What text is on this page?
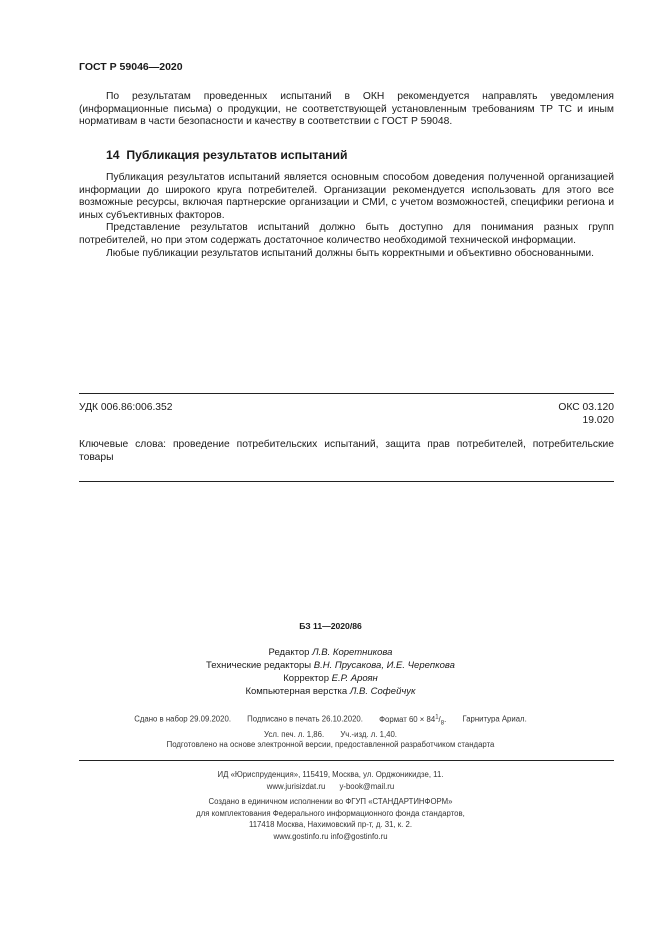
ГОСТ Р 59046—2020

По результатам проведенных испытаний в ОКН рекомендуется направлять уведомления (информационные письма) о продукции, не соответствующей установленным требованиям ТР ТС и иным нормативам в части безопасности и качеству в соответствии с ГОСТ Р 59048.

14 Публикация результатов испытаний

Публикация результатов испытаний является основным способом доведения полученной организацией информации до широкого круга потребителей. Организации рекомендуется использовать для этого все возможные ресурсы, включая партнерские организации и СМИ, с учетом возможностей, специфики региона и иных субъективных факторов.

Представление результатов испытаний должно быть доступно для понимания разных групп потребителей, но при этом содержать достаточное количество необходимой технической информации.

Любые публикации результатов испытаний должны быть корректными и объективно обоснованными.

УДК 006.86:006.352	ОКС 03.120
19.020
Ключевые слова: проведение потребительских испытаний, защита прав потребителей, потребительские товары
БЗ 11—2020/86
Редактор Л.В. Коретникова
Технические редакторы В.Н. Прусакова, И.Е. Черепкова
Корректор Е.Р. Ароян
Компьютерная верстка Л.В. Софейчук
Сдано в набор 29.09.2020. Подписано в печать 26.10.2020. Формат $60 \times 84^1/_8$. Гарнитура Ариал.
Усл. печ. л. 1,86. Уч.-изд. л. 1,40.
Подготовлено на основе электронной версии, предоставленной разработчиком стандарта
ИД «Юриспруденция», 115419, Москва, ул. Орджоникидзе, 11.
www.jurisizdat.ru y-book@mail.ru
Создано в единичном исполнении во ФГУП «СТАНДАРТИНФОРМ»
для комплектования Федерального информационного фонда стандартов,
117418 Москва, Нахимовский пр-т, д. 31, к. 2.
www.gostinfo.ru info@gostinfo.ru
